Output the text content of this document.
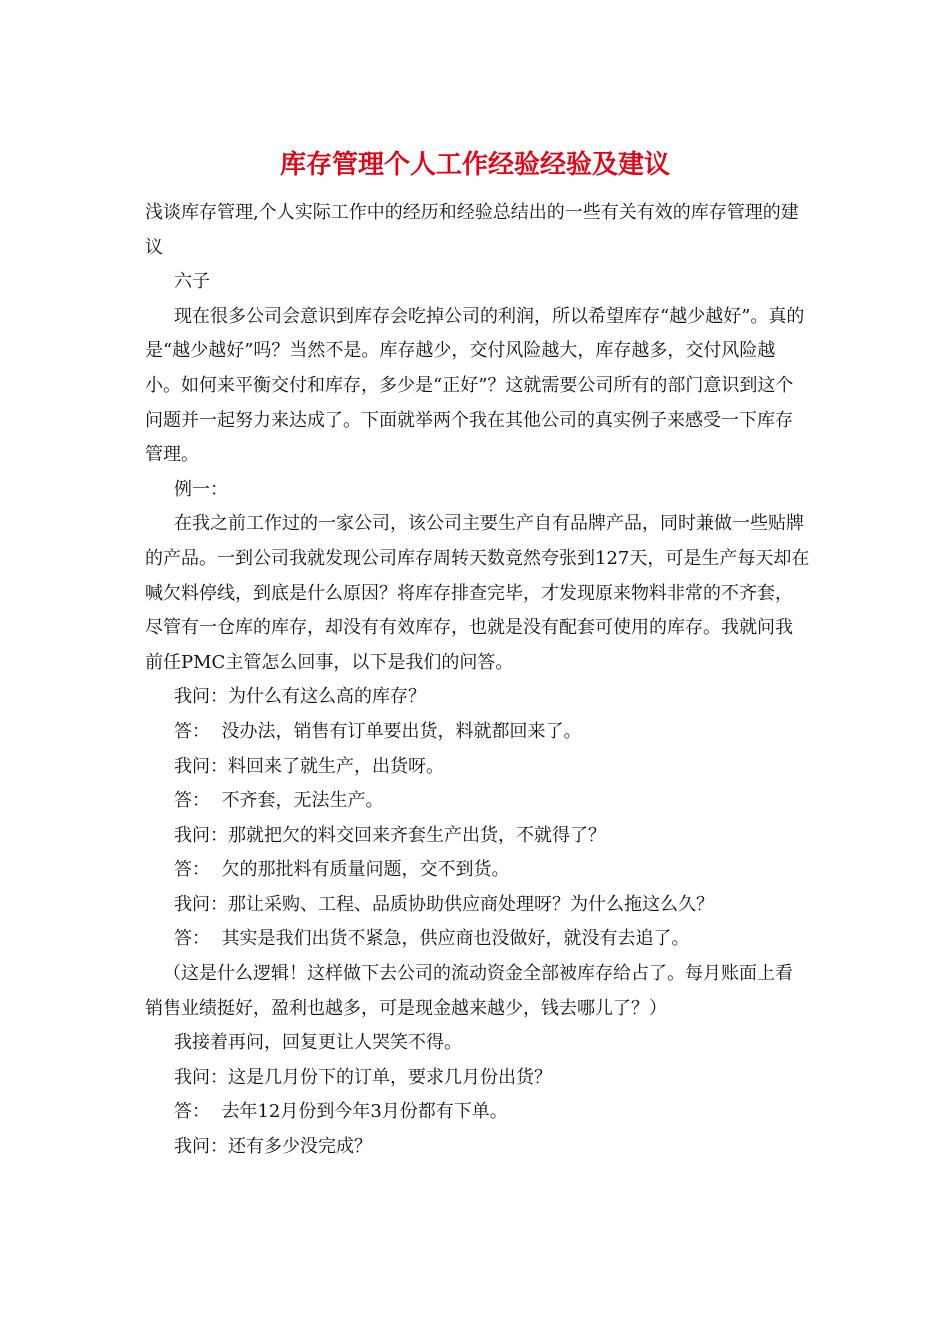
库存管理个人工作经验经验及建议

浅谈库存管理,个人实际工作中的经历和经验总结出的一些有关有效的库存管理的建议

六子

现在很多公司会意识到库存会吃掉公司的利润，所以希望库存“越少越好”。真的是“越少越好”吗？当然不是。库存越少，交付风险越大，库存越多，交付风险越小。如何来平衡交付和库存，多少是“正好”？这就需要公司所有的部门意识到这个问题并一起努力来达成了。下面就举两个我在其他公司的真实例子来感受一下库存管理。

例一：

在我之前工作过的一家公司，该公司主要生产自有品牌产品，同时兼做一些贴牌的产品。一到公司我就发现公司库存周转天数竟然夸张到127天，可是生产每天却在喊欠料停线，到底是什么原因？将库存排查完毕，才发现原来物料非常的不齐套，尽管有一仓库的库存，却没有有效库存，也就是没有配套可使用的库存。我就问我前任PMC主管怎么回事，以下是我们的问答。

我问：为什么有这么高的库存？

答：  没办法，销售有订单要出货，料就都回来了。

我问：料回来了就生产，出货呀。

答：  不齐套，无法生产。

我问：那就把欠的料交回来齐套生产出货，不就得了？

答：  欠的那批料有质量问题，交不到货。

我问：那让采购、工程、品质协助供应商处理呀？为什么拖这么久？

答：  其实是我们出货不紧急，供应商也没做好，就没有去追了。

（这是什么逻辑！这样做下去公司的流动资金全部被库存给占了。每月账面上看销售业绩挺好，盈利也越多，可是现金越来越少，钱去哪儿了？）

我接着再问，回复更让人哭笑不得。

我问：这是几月份下的订单，要求几月份出货？

答：  去年12月份到今年3月份都有下单。

我问：还有多少没完成？
